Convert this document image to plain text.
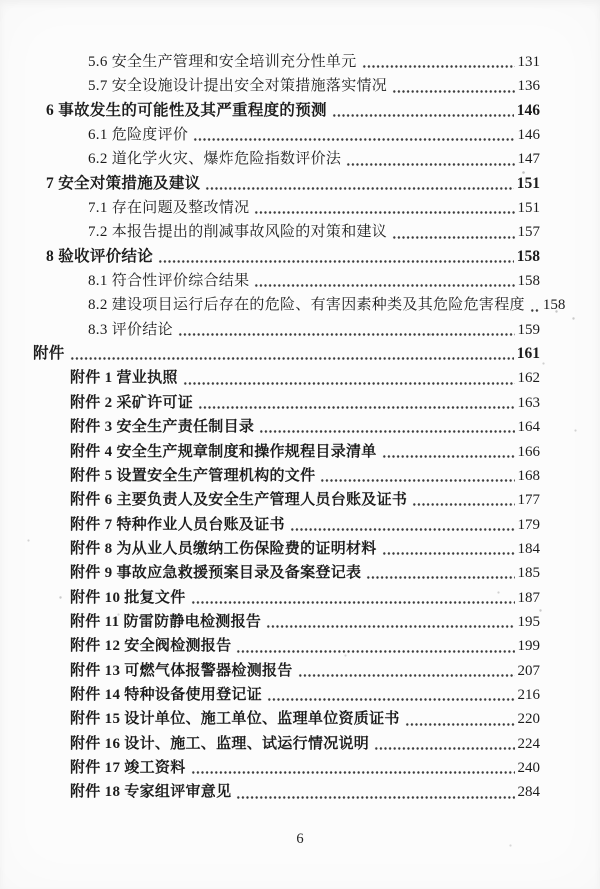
5.6 安全生产管理和安全培训充分性单元	131
5.7 安全设施设计提出安全对策措施落实情况	136
6 事故发生的可能性及其严重程度的预测	146
6.1 危险度评价	146
6.2 道化学火灾、爆炸危险指数评价法	147
7 安全对策措施及建议	151
7.1 存在问题及整改情况	151
7.2 本报告提出的削减事故风险的对策和建议	157
8 验收评价结论	158
8.1 符合性评价综合结果	158
8.2 建设项目运行后存在的危险、有害因素种类及其危险危害程度 158
8.3 评价结论	159
附件	161
附件 1 营业执照	162
附件 2 采矿许可证	163
附件 3 安全生产责任制目录	164
附件 4 安全生产规章制度和操作规程目录清单	166
附件 5 设置安全生产管理机构的文件	168
附件 6 主要负责人及安全生产管理人员台账及证书	177
附件 7 特种作业人员台账及证书	179
附件 8 为从业人员缴纳工伤保险费的证明材料	184
附件 9 事故应急救援预案目录及备案登记表	185
附件 10 批复文件	187
附件 11 防雷防静电检测报告	195
附件 12 安全阀检测报告	199
附件 13 可燃气体报警器检测报告	207
附件 14 特种设备使用登记证	216
附件 15 设计单位、施工单位、监理单位资质证书	220
附件 16 设计、施工、监理、试运行情况说明	224
附件 17 竣工资料	240
附件 18 专家组评审意见	284
6
